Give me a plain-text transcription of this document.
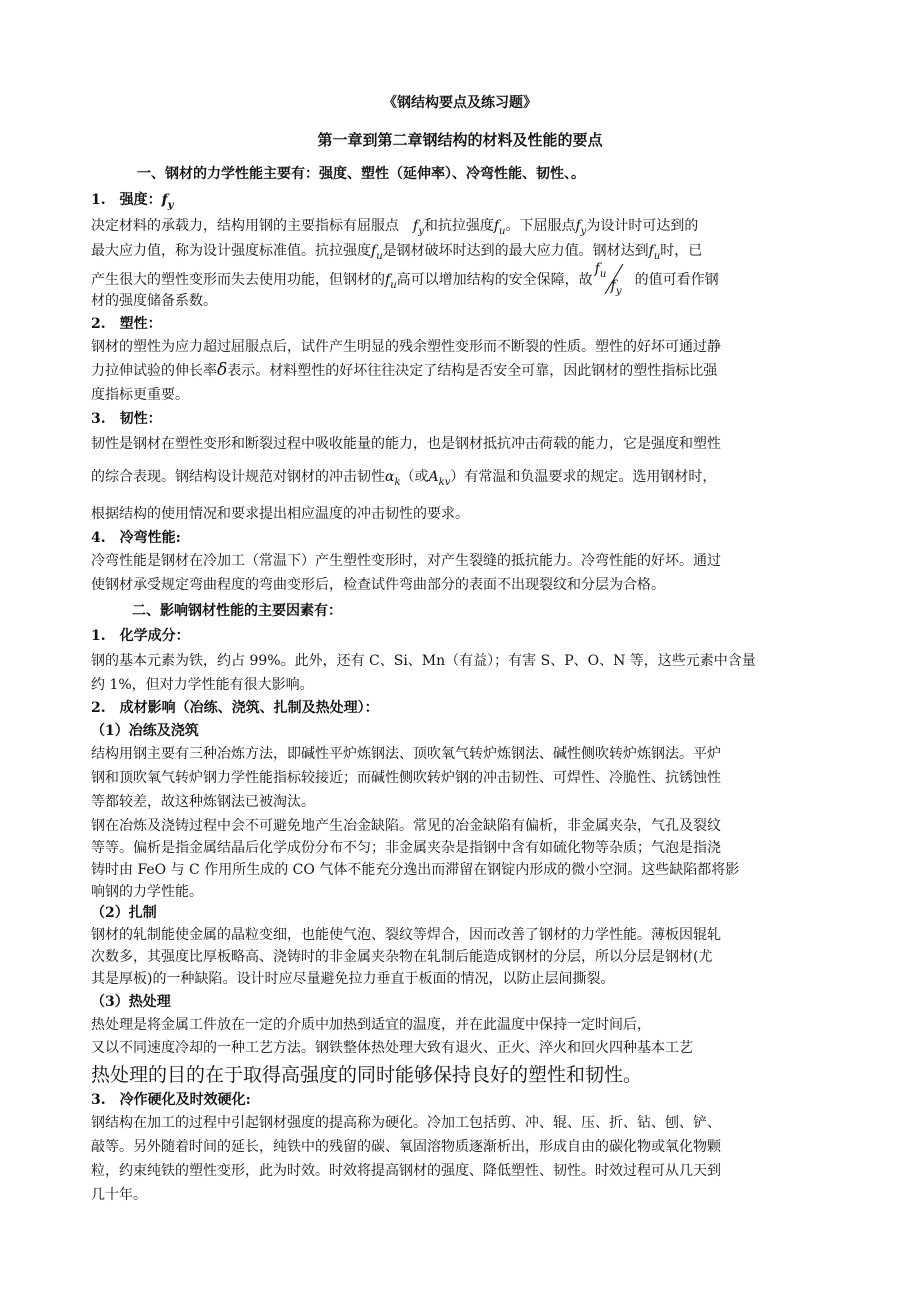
《钢结构要点及练习题》

第一章到第二章钢结构的材料及性能的要点

一、钢材的力学性能主要有：强度、塑性（延伸率）、冷弯性能、韧性、。

1.　强度：$f_y$

决定材料的承载力，结构用钢的主要指标有屈服点　$f_y$和抗拉强度$f_u$。下屈服点$f_y$为设计时可达到的

最大应力值，称为设计强度标准值。抗拉强度$f_u$是钢材破坏时达到的最大应力值。钢材达到$f_u$时，已

产生很大的塑性变形而失去使用功能，但钢材的$f_u$高可以增加结构的安全保障，故
$f_u$
$f_y$
的值可看作钢

材的强度储备系数。

2.　塑性：

钢材的塑性为应力超过屈服点后，试件产生明显的残余塑性变形而不断裂的性质。塑性的好坏可通过静

力拉伸试验的伸长率δ表示。材料塑性的好坏往往决定了结构是否安全可靠，因此钢材的塑性指标比强

度指标更重要。

3.　韧性：

韧性是钢材在塑性变形和断裂过程中吸收能量的能力，也是钢材抵抗冲击荷载的能力，它是强度和塑性

的综合表现。钢结构设计规范对钢材的冲击韧性$\alpha_k$（或$A_{kv}$）有常温和负温要求的规定。选用钢材时，

根据结构的使用情况和要求提出相应温度的冲击韧性的要求。

4.　冷弯性能:

冷弯性能是钢材在冷加工（常温下）产生塑性变形时，对产生裂缝的抵抗能力。冷弯性能的好坏。通过

使钢材承受规定弯曲程度的弯曲变形后，检查试件弯曲部分的表面不出现裂纹和分层为合格。

二、影响钢材性能的主要因素有：

1.　化学成分：

钢的基本元素为铁，约占 99%。此外，还有 C、Si、Mn（有益）；有害 S、P、O、N 等，这些元素中含量

约 1%，但对力学性能有很大影响。

2.　成材影响（冶练、浇筑、扎制及热处理）：

（1）冶练及浇筑

结构用钢主要有三种冶炼方法，即碱性平炉炼钢法、顶吹氧气转炉炼钢法、碱性侧吹转炉炼钢法。平炉

钢和顶吹氧气转炉钢力学性能指标较接近；而碱性侧吹转炉钢的冲击韧性、可焊性、冷脆性、抗锈蚀性

等都较差，故这种炼钢法已被淘汰。

钢在冶炼及浇铸过程中会不可避免地产生冶金缺陷。常见的冶金缺陷有偏析，非金属夹杂，气孔及裂纹

等等。偏析是指金属结晶后化学成份分布不匀；非金属夹杂是指钢中含有如硫化物等杂质；气泡是指浇

铸时由 FeO 与 C 作用所生成的 CO 气体不能充分逸出而滞留在钢锭内形成的微小空洞。这些缺陷都将影

响钢的力学性能。

（2）扎制

钢材的轧制能使金属的晶粒变细，也能使气泡、裂纹等焊合，因而改善了钢材的力学性能。薄板因辊轧

次数多，其强度比厚板略高、浇铸时的非金属夹杂物在轧制后能造成钢材的分层，所以分层是钢材(尤

其是厚板)的一种缺陷。设计时应尽量避免拉力垂直于板面的情况，以防止层间撕裂。

（3）热处理

热处理是将金属工件放在一定的介质中加热到适宜的温度，并在此温度中保持一定时间后，

又以不同速度冷却的一种工艺方法。钢铁整体热处理大致有退火、正火、淬火和回火四种基本工艺

热处理的目的在于取得高强度的同时能够保持良好的塑性和韧性。

3.　冷作硬化及时效硬化:

钢结构在加工的过程中引起钢材强度的提高称为硬化。冷加工包括剪、冲、辊、压、折、钻、刨、铲、

敲等。另外随着时间的延长，纯铁中的残留的碳、氧固溶物质逐渐析出，形成自由的碳化物或氧化物颗

粒，约束纯铁的塑性变形，此为时效。时效将提高钢材的强度、降低塑性、韧性。时效过程可从几天到

几十年。
